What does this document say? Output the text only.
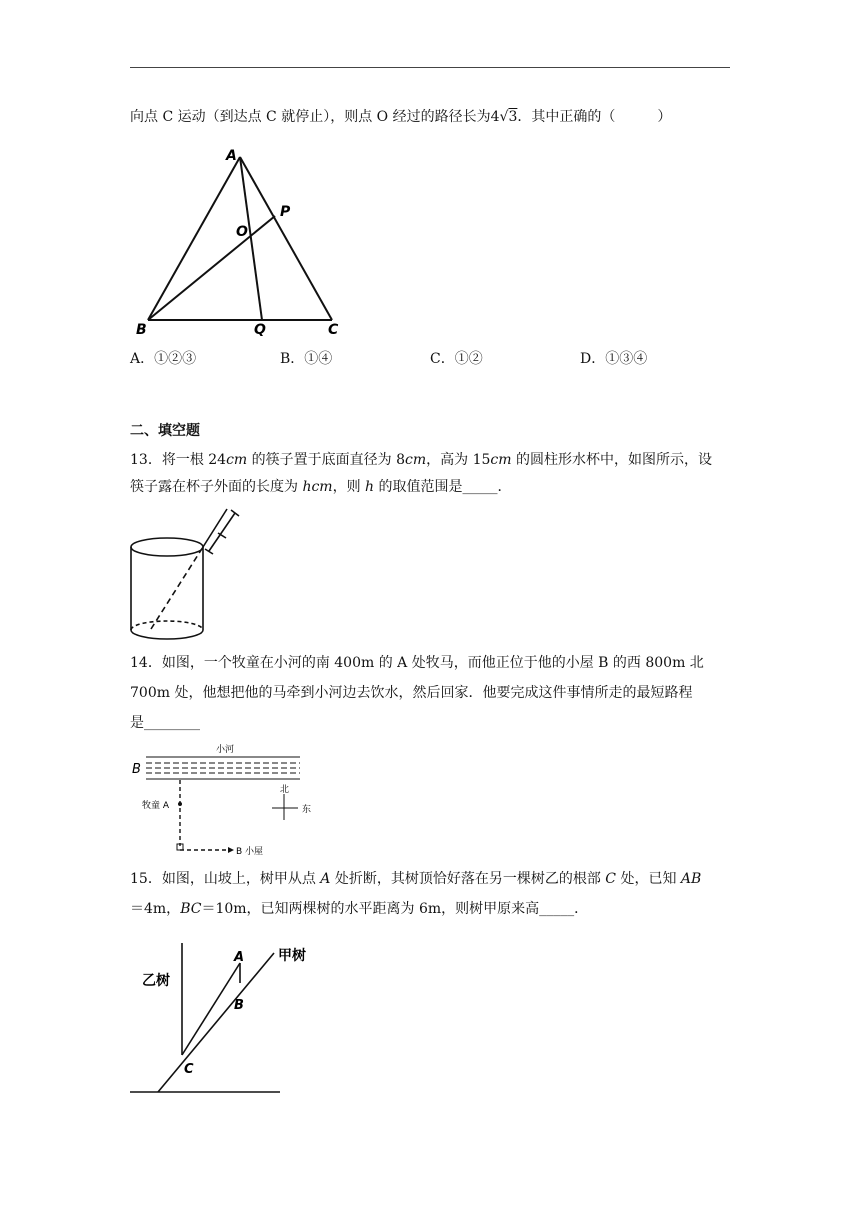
向点 C 运动（到达点 C 就停止），则点 O 经过的路径长为4√3．其中正确的（　　　）
A
P
O
B	Q	C
A．①②③	B．①④	C．①②	D．①③④
二、填空题
13．将一根 24cm 的筷子置于底面直径为 8cm，高为 15cm 的圆柱形水杯中，如图所示，设
筷子露在杯子外面的长度为 hcm，则 h 的取值范围是_____．
14．如图，一个牧童在小河的南 400m 的 A 处牧马，而他正位于他的小屋 B 的西 800m 北
700m 处，他想把他的马牵到小河边去饮水，然后回家．他要完成这件事情所走的最短路程
是________
小河
B
牧童 A
北
东
B 小屋
15．如图，山坡上，树甲从点 A 处折断，其树顶恰好落在另一棵树乙的根部 C 处，已知 AB
＝4m，BC＝10m，已知两棵树的水平距离为 6m，则树甲原来高_____．
甲树
乙树
A
B
C
